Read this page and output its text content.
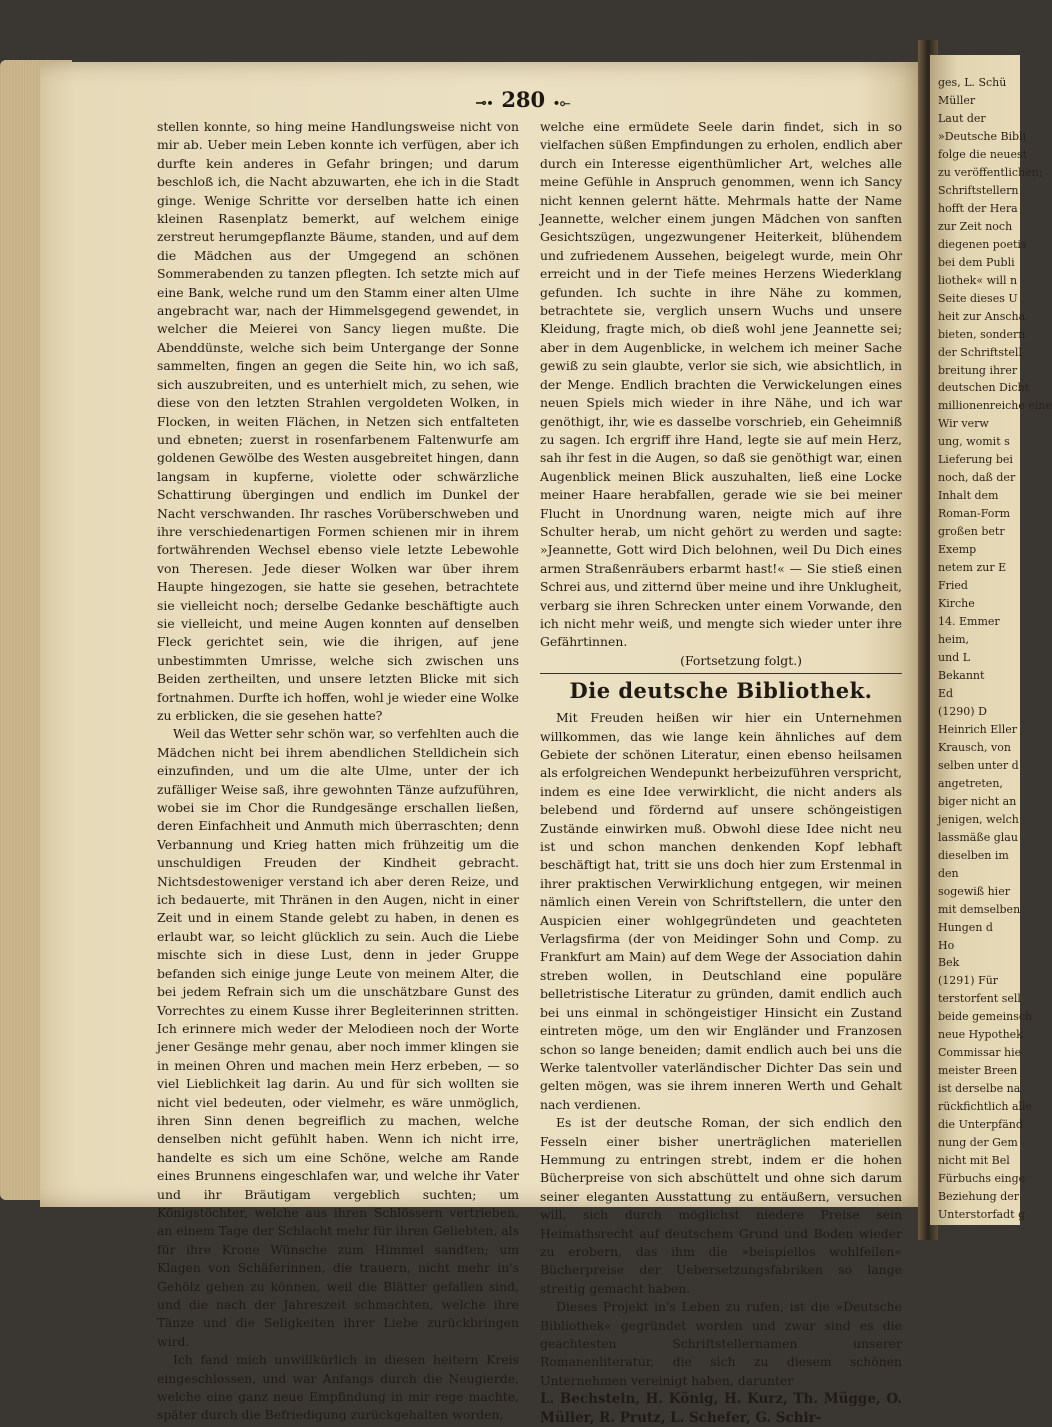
ges, L. Schü
Müller
Laut der
»Deutsche Bibli
folge die neuest
zu veröffentlichen;
Schriftstellern
hofft der Hera
zur Zeit noch
diegenen poetis
bei dem Publi
liothek« will n
Seite dieses U
heit zur Anscha
bieten, sondern
der Schriftstell
breitung ihrer
deutschen Dicht
millionenreiche eine
Wir verw
ung, womit s
Lieferung bei
noch, daß der
Inhalt dem
Roman-Form
großen betr
Exemp
netem zur E
Fried
Kirche
14. Emmer
heim,
und L
Bekannt
Ed
(1290) D
Heinrich Eller
Krausch, von
selben unter d
angetreten,
biger nicht an
jenigen, welch
lassmäße glau
dieselben im
den
sogewiß hier
mit demselben
Hungen d
Ho
Bek
(1291) Für
terstorfent sell
beide gemeinsch
neue Hypothek
Commissar hie
meister Breen
ist derselbe na
rückfichtlich alle
die Unterpfänd
nung der Gem
nicht mit Bel
Fürbuchs einge
Beziehung der
Unterstorfadt g
⊸∙ 280 ∙⟜

stellen konnte, so hing meine Handlungsweise nicht von mir ab. Ueber mein Leben konnte ich verfügen, aber ich durfte kein anderes in Gefahr bringen; und darum beschloß ich, die Nacht abzuwarten, ehe ich in die Stadt ginge. Wenige Schritte vor derselben hatte ich einen kleinen Rasenplatz bemerkt, auf welchem einige zerstreut herumgepflanzte Bäume, standen, und auf dem die Mädchen aus der Umgegend an schönen Sommerabenden zu tanzen pflegten. Ich setzte mich auf eine Bank, welche rund um den Stamm einer alten Ulme angebracht war, nach der Himmelsgegend gewendet, in welcher die Meierei von Sancy liegen mußte. Die Abenddünste, welche sich beim Untergange der Sonne sammelten, fingen an gegen die Seite hin, wo ich saß, sich auszubreiten, und es unterhielt mich, zu sehen, wie diese von den letzten Strahlen vergoldeten Wolken, in Flocken, in weiten Flächen, in Netzen sich entfalteten und ebneten; zuerst in rosenfarbenem Faltenwurfe am goldenen Gewölbe des Westen ausgebreitet hingen, dann langsam in kupferne, violette oder schwärzliche Schattirung übergingen und endlich im Dunkel der Nacht verschwanden. Ihr rasches Vorüberschweben und ihre verschiedenartigen Formen schienen mir in ihrem fortwährenden Wechsel ebenso viele letzte Lebewohle von Theresen. Jede dieser Wolken war über ihrem Haupte hingezogen, sie hatte sie gesehen, betrachtete sie vielleicht noch; derselbe Gedanke beschäftigte auch sie vielleicht, und meine Augen konnten auf denselben Fleck gerichtet sein, wie die ihrigen, auf jene unbestimmten Umrisse, welche sich zwischen uns Beiden zertheilten, und unsere letzten Blicke mit sich fortnahmen. Durfte ich hoffen, wohl je wieder eine Wolke zu erblicken, die sie gesehen hatte?

Weil das Wetter sehr schön war, so verfehlten auch die Mädchen nicht bei ihrem abendlichen Stelldichein sich einzufinden, und um die alte Ulme, unter der ich zufälliger Weise saß, ihre gewohnten Tänze aufzuführen, wobei sie im Chor die Rundgesänge erschallen ließen, deren Einfachheit und Anmuth mich überraschten; denn Verbannung und Krieg hatten mich frühzeitig um die unschuldigen Freuden der Kindheit gebracht. Nichtsdestoweniger verstand ich aber deren Reize, und ich bedauerte, mit Thränen in den Augen, nicht in einer Zeit und in einem Stande gelebt zu haben, in denen es erlaubt war, so leicht glücklich zu sein. Auch die Liebe mischte sich in diese Lust, denn in jeder Gruppe befanden sich einige junge Leute von meinem Alter, die bei jedem Refrain sich um die unschätzbare Gunst des Vorrechtes zu einem Kusse ihrer Begleiterinnen stritten. Ich erinnere mich weder der Melodieen noch der Worte jener Gesänge mehr genau, aber noch immer klingen sie in meinen Ohren und machen mein Herz erbeben, — so viel Lieblichkeit lag darin. Au und für sich wollten sie nicht viel bedeuten, oder vielmehr, es wäre unmöglich, ihren Sinn denen begreiflich zu machen, welche denselben nicht gefühlt haben. Wenn ich nicht irre, handelte es sich um eine Schöne, welche am Rande eines Brunnens eingeschlafen war, und welche ihr Vater und ihr Bräutigam vergeblich suchten; um Königstöchter, welche aus ihren Schlössern vertrieben, an einem Tage der Schlacht mehr für ihren Geliebten, als für ihre Krone Wünsche zum Himmel sandten; um Klagen von Schäferinnen, die trauern, nicht mehr in's Gehölz gehen zu können, weil die Blätter gefallen sind, und die nach der Jahreszeit schmachten, welche ihre Tänze und die Seligkeiten ihrer Liebe zurückbringen wird.

Ich fand mich unwillkürlich in diesen heitern Kreis eingeschlossen, und war Anfangs durch die Neugierde, welche eine ganz neue Empfindung in mir rege machte, später durch die Befriedigung zurückgehalten worden,

welche eine ermüdete Seele darin findet, sich in so vielfachen süßen Empfindungen zu erholen, endlich aber durch ein Interesse eigenthümlicher Art, welches alle meine Gefühle in Anspruch genommen, wenn ich Sancy nicht kennen gelernt hätte. Mehrmals hatte der Name Jeannette, welcher einem jungen Mädchen von sanften Gesichtszügen, ungezwungener Heiterkeit, blühendem und zufriedenem Aussehen, beigelegt wurde, mein Ohr erreicht und in der Tiefe meines Herzens Wiederklang gefunden. Ich suchte in ihre Nähe zu kommen, betrachtete sie, verglich unsern Wuchs und unsere Kleidung, fragte mich, ob dieß wohl jene Jeannette sei; aber in dem Augenblicke, in welchem ich meiner Sache gewiß zu sein glaubte, verlor sie sich, wie absichtlich, in der Menge. Endlich brachten die Verwickelungen eines neuen Spiels mich wieder in ihre Nähe, und ich war genöthigt, ihr, wie es dasselbe vorschrieb, ein Geheimniß zu sagen. Ich ergriff ihre Hand, legte sie auf mein Herz, sah ihr fest in die Augen, so daß sie genöthigt war, einen Augenblick meinen Blick auszuhalten, ließ eine Locke meiner Haare herabfallen, gerade wie sie bei meiner Flucht in Unordnung waren, neigte mich auf ihre Schulter herab, um nicht gehört zu werden und sagte: »Jeannette, Gott wird Dich belohnen, weil Du Dich eines armen Straßenräubers erbarmt hast!« — Sie stieß einen Schrei aus, und zitternd über meine und ihre Unklugheit, verbarg sie ihren Schrecken unter einem Vorwande, den ich nicht mehr weiß, und mengte sich wieder unter ihre Gefährtinnen.

(Fortsetzung folgt.)

Die deutsche Bibliothek.

Mit Freuden heißen wir hier ein Unternehmen willkommen, das wie lange kein ähnliches auf dem Gebiete der schönen Literatur, einen ebenso heilsamen als erfolgreichen Wendepunkt herbeizuführen verspricht, indem es eine Idee verwirklicht, die nicht anders als belebend und fördernd auf unsere schöngeistigen Zustände einwirken muß. Obwohl diese Idee nicht neu ist und schon manchen denkenden Kopf lebhaft beschäftigt hat, tritt sie uns doch hier zum Erstenmal in ihrer praktischen Verwirklichung entgegen, wir meinen nämlich einen Verein von Schriftstellern, die unter den Auspicien einer wohlgegründeten und geachteten Verlagsfirma (der von Meidinger Sohn und Comp. zu Frankfurt am Main) auf dem Wege der Association dahin streben wollen, in Deutschland eine populäre belletristische Literatur zu gründen, damit endlich auch bei uns einmal in schöngeistiger Hinsicht ein Zustand eintreten möge, um den wir Engländer und Franzosen schon so lange beneiden; damit endlich auch bei uns die Werke talentvoller vaterländischer Dichter Das sein und gelten mögen, was sie ihrem inneren Werth und Gehalt nach verdienen.

Es ist der deutsche Roman, der sich endlich den Fesseln einer bisher unerträglichen materiellen Hemmung zu entringen strebt, indem er die hohen Bücherpreise von sich abschüttelt und ohne sich darum seiner eleganten Ausstattung zu entäußern, versuchen will, sich durch möglichst niedere Preise sein Heimathsrecht auf deutschem Grund und Boden wieder zu erobern, das ihm die »beispiellos wohlfeilen« Bücherpreise der Uebersetzungsfabriken so lange streitig gemacht haben.

Dieses Projekt in's Leben zu rufen, ist die »Deutsche Bibliothek« gegründet worden und zwar sind es die geachtesten Schriftstellernamen unserer Romanenliteratur, die sich zu diesem schönen Unternehmen vereinigt haben, darunter

L. Bechstein, H. König, H. Kurz, Th. Mügge, O. Müller, R. Prutz, L. Schefer, G. Schir-
